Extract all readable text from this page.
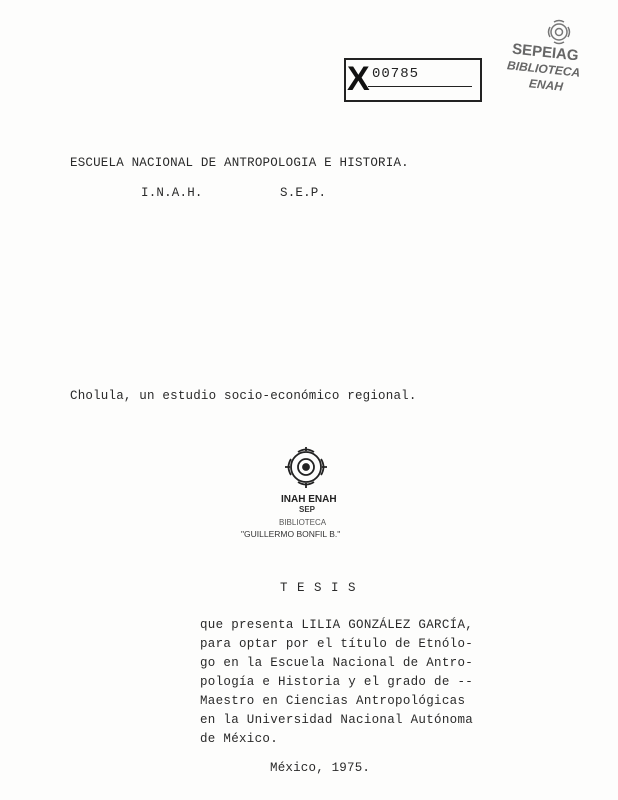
X 00785
SEPEIAG
BIBLIOTECA
ENAH
ESCUELA NACIONAL DE ANTROPOLOGIA E HISTORIA.
I.N.A.H.	S.E.P.
Cholula, un estudio socio-económico regional.
INAH ENAH
SEP
BIBLIOTECA
"GUILLERMO BONFIL B."
T E S I S
que presenta LILIA GONZÁLEZ GARCÍA,
para optar por el título de Etnólo-
go en la Escuela Nacional de Antro-
pología e Historia y el grado de --
Maestro en Ciencias Antropológicas
en la Universidad Nacional Autónoma
de México.
México, 1975.
